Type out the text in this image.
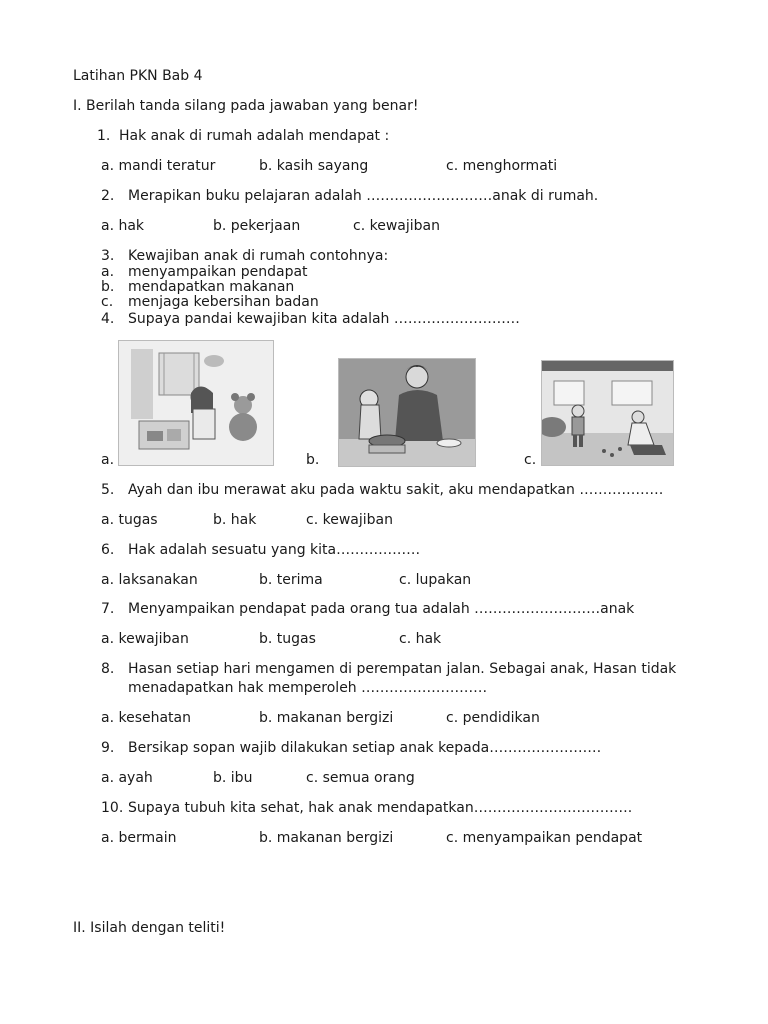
Latihan PKN Bab 4
I. Berilah tanda silang pada jawaban yang benar!
1. Hak anak di rumah adalah mendapat :
a. mandi teratur	b. kasih sayang	c. menghormati
2. Merapikan buku pelajaran adalah ………………………anak di rumah.
a. hak	b. pekerjaan	c. kewajiban
3. Kewajiban anak di rumah contohnya:
a. menyampaikan pendapat
b. mendapatkan makanan
c. menjaga kebersihan badan
4. Supaya pandai kewajiban kita adalah ………………………
a.	b.	c.
5. Ayah dan ibu merawat aku pada waktu sakit, aku mendapatkan ………………
a. tugas	b. hak	c. kewajiban
6. Hak adalah sesuatu yang kita………………
a. laksanakan	b. terima	c. lupakan
7. Menyampaikan pendapat pada orang tua adalah ………………………anak
a. kewajiban	b. tugas	c. hak
8. Hasan setiap hari mengamen di perempatan jalan. Sebagai anak, Hasan tidak
menadapatkan hak memperoleh ………………………
a. kesehatan	b. makanan bergizi	c. pendidikan
9. Bersikap sopan wajib dilakukan setiap anak kepada……………………
a. ayah	b. ibu	c. semua orang
10. Supaya tubuh kita sehat, hak anak mendapatkan…………………………….
a. bermain	b. makanan bergizi	c. menyampaikan pendapat
II. Isilah dengan teliti!
